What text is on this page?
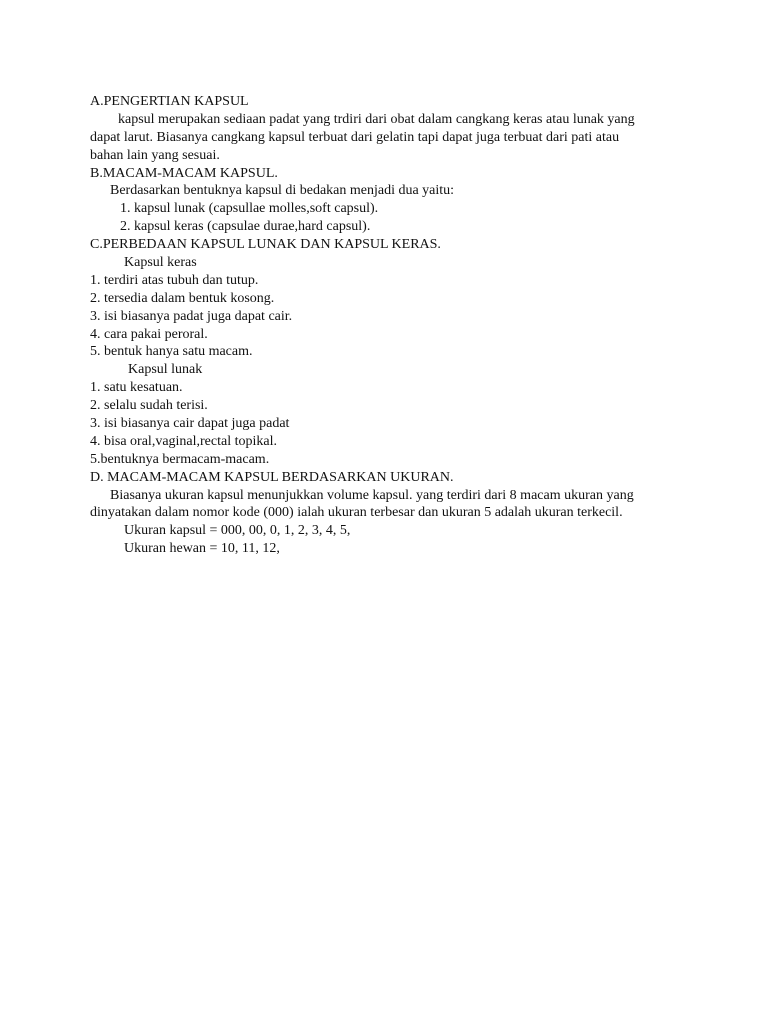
A.PENGERTIAN KAPSUL
kapsul merupakan sediaan padat yang trdiri dari obat dalam cangkang keras atau lunak yang
dapat larut. Biasanya cangkang kapsul terbuat dari gelatin tapi dapat juga terbuat dari pati atau
bahan lain yang sesuai.
B.MACAM-MACAM KAPSUL.
Berdasarkan bentuknya kapsul di bedakan menjadi dua yaitu:
1. kapsul lunak (capsullae molles,soft capsul).
2. kapsul keras (capsulae durae,hard capsul).
C.PERBEDAAN KAPSUL LUNAK DAN KAPSUL KERAS.
Kapsul keras
1. terdiri atas tubuh dan tutup.
2. tersedia dalam bentuk kosong.
3. isi biasanya padat juga dapat cair.
4. cara pakai peroral.
5. bentuk hanya satu macam.
Kapsul lunak
1. satu kesatuan.
2. selalu sudah terisi.
3. isi biasanya cair dapat juga padat
4. bisa oral,vaginal,rectal topikal.
5.bentuknya bermacam-macam.
D. MACAM-MACAM KAPSUL BERDASARKAN UKURAN.
Biasanya ukuran kapsul menunjukkan volume kapsul. yang terdiri dari 8 macam ukuran yang
dinyatakan dalam nomor kode (000) ialah ukuran terbesar dan ukuran 5 adalah ukuran terkecil.
Ukuran kapsul = 000, 00, 0, 1, 2, 3, 4, 5,
Ukuran hewan = 10, 11, 12,
